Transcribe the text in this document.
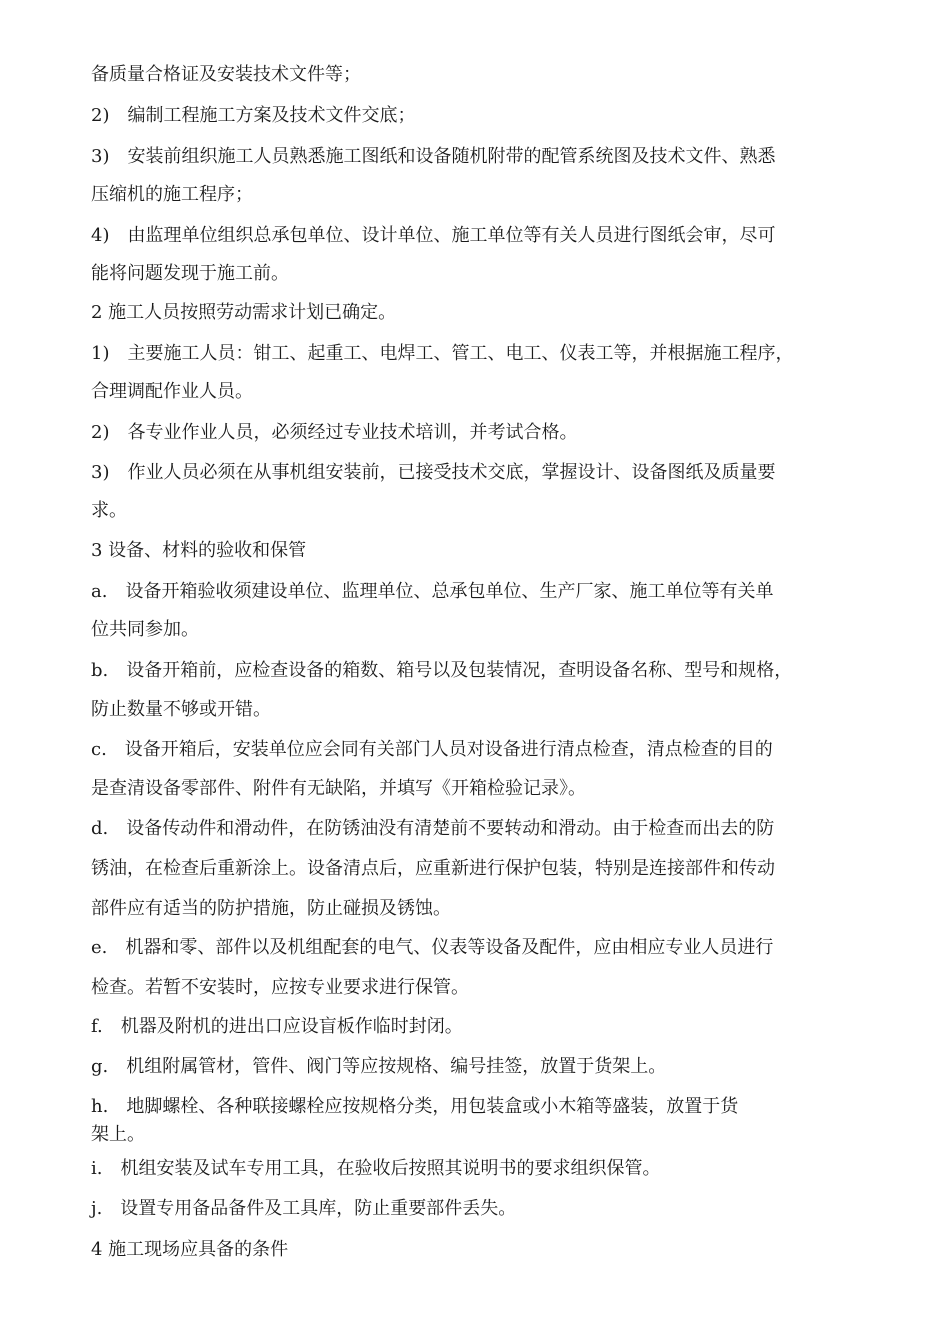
备质量合格证及安装技术文件等；
2)　编制工程施工方案及技术文件交底；
3)　安装前组织施工人员熟悉施工图纸和设备随机附带的配管系统图及技术文件、熟悉
压缩机的施工程序；
4)　由监理单位组织总承包单位、设计单位、施工单位等有关人员进行图纸会审，尽可
能将问题发现于施工前。
2 施工人员按照劳动需求计划已确定。
1)　主要施工人员：钳工、起重工、电焊工、管工、电工、仪表工等，并根据施工程序，
合理调配作业人员。
2)　各专业作业人员，必须经过专业技术培训，并考试合格。
3)　作业人员必须在从事机组安装前，已接受技术交底，掌握设计、设备图纸及质量要
求。
3 设备、材料的验收和保管
a.　设备开箱验收须建设单位、监理单位、总承包单位、生产厂家、施工单位等有关单
位共同参加。
b.　设备开箱前，应检查设备的箱数、箱号以及包装情况，查明设备名称、型号和规格，
防止数量不够或开错。
c.　设备开箱后，安装单位应会同有关部门人员对设备进行清点检查，清点检查的目的
是查清设备零部件、附件有无缺陷，并填写《开箱检验记录》。
d.　设备传动件和滑动件，在防锈油没有清楚前不要转动和滑动。由于检查而出去的防
锈油，在检查后重新涂上。设备清点后，应重新进行保护包装，特别是连接部件和传动
部件应有适当的防护措施，防止碰损及锈蚀。
e.　机器和零、部件以及机组配套的电气、仪表等设备及配件，应由相应专业人员进行
检查。若暂不安装时，应按专业要求进行保管。
f.　机器及附机的进出口应设盲板作临时封闭。
g.　机组附属管材，管件、阀门等应按规格、编号挂签，放置于货架上。
h.　地脚螺栓、各种联接螺栓应按规格分类，用包装盒或小木箱等盛装，放置于货
架上。
i.　机组安装及试车专用工具，在验收后按照其说明书的要求组织保管。
j.　设置专用备品备件及工具库，防止重要部件丢失。
4 施工现场应具备的条件
